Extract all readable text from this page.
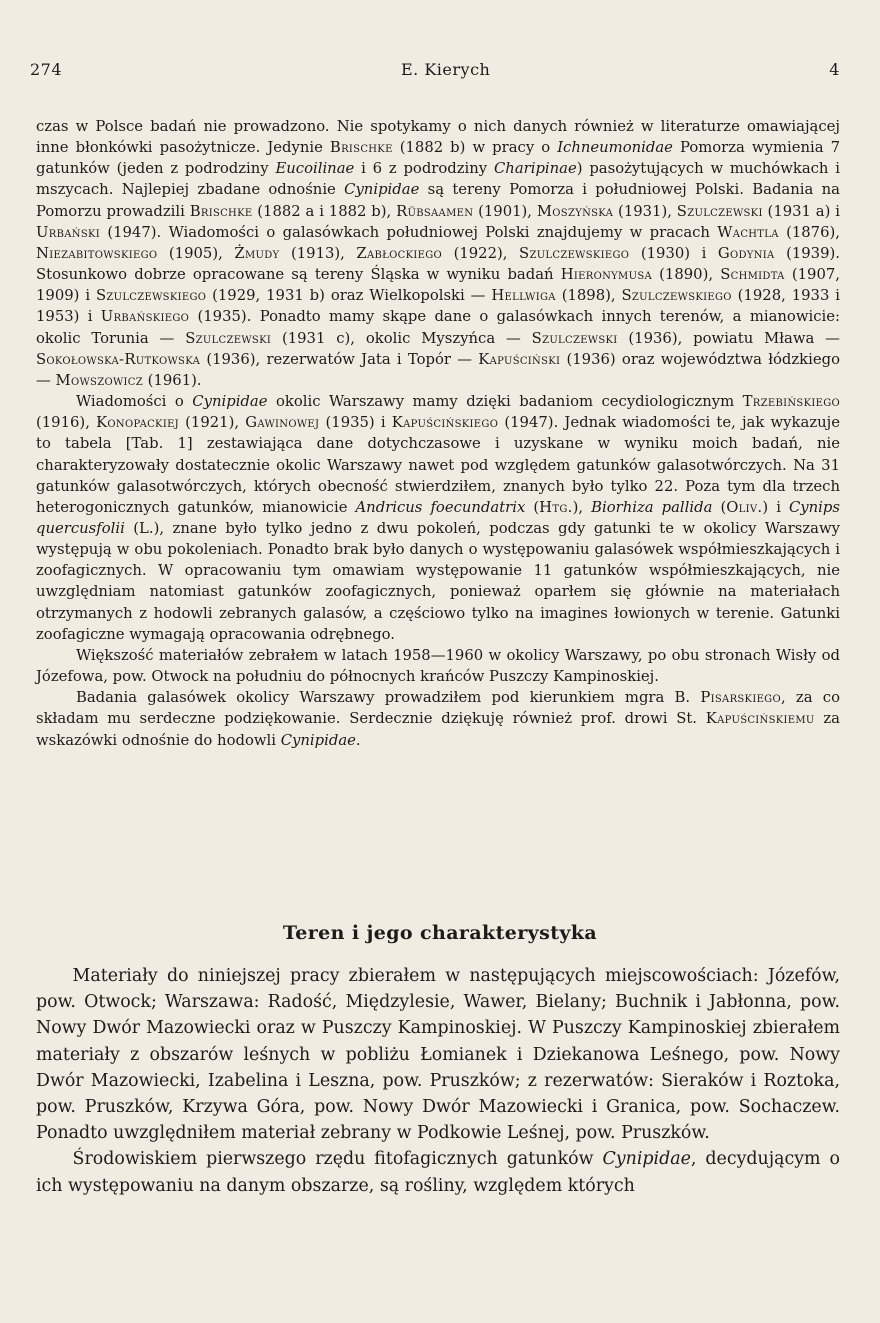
274	E. Kierych	4

czas w Polsce badań nie prowadzono. Nie spotykamy o nich danych również w literaturze omawiającej inne błonkówki pasożytnicze. Jedynie Brischke (1882 b) w pracy o Ichneumonidae Pomorza wymienia 7 gatunków (jeden z podrodziny Eucoilinae i 6 z podrodziny Charipinae) pasożytujących w muchówkach i mszycach. Najlepiej zbadane odnośnie Cynipidae są tereny Pomorza i południowej Polski. Badania na Pomorzu prowadzili Brischke (1882 a i 1882 b), Rübsaamen (1901), Moszyńska (1931), Szulczewski (1931 a) i Urbański (1947). Wiadomości o galasówkach południowej Polski znajdujemy w pracach Wachtla (1876), Niezabitowskiego (1905), Żmudy (1913), Zabłockiego (1922), Szulczewskiego (1930) i Godynia (1939). Stosunkowo dobrze opracowane są tereny Śląska w wyniku badań Hieronymusa (1890), Schmidta (1907, 1909) i Szulczewskiego (1929, 1931 b) oraz Wielkopolski — Hellwiga (1898), Szulczewskiego (1928, 1933 i 1953) i Urbańskiego (1935). Ponadto mamy skąpe dane o galasówkach innych terenów, a mianowicie: okolic Torunia — Szulczewski (1931 c), okolic Myszyńca — Szulczewski (1936), powiatu Mława — Sokołowska-Rutkowska (1936), rezerwatów Jata i Topór — Kapuściński (1936) oraz województwa łódzkiego — Mowszowicz (1961).

Wiadomości o Cynipidae okolic Warszawy mamy dzięki badaniom cecydiologicznym Trzebińskiego (1916), Konopackiej (1921), Gawinowej (1935) i Kapuścińskiego (1947). Jednak wiadomości te, jak wykazuje to tabela [Tab. 1] zestawiająca dane dotychczasowe i uzyskane w wyniku moich badań, nie charakteryzowały dostatecznie okolic Warszawy nawet pod względem gatunków galasotwórczych. Na 31 gatunków galasotwórczych, których obecność stwierdziłem, znanych było tylko 22. Poza tym dla trzech heterogonicznych gatunków, mianowicie Andricus foecundatrix (Htg.), Biorhiza pallida (Oliv.) i Cynips quercusfolii (L.), znane było tylko jedno z dwu pokoleń, podczas gdy gatunki te w okolicy Warszawy występują w obu pokoleniach. Ponadto brak było danych o występowaniu galasówek współmieszkających i zoofagicznych. W opracowaniu tym omawiam występowanie 11 gatunków współmieszkających, nie uwzględniam natomiast gatunków zoofagicznych, ponieważ oparłem się głównie na materiałach otrzymanych z hodowli zebranych galasów, a częściowo tylko na imagines łowionych w terenie. Gatunki zoofagiczne wymagają opracowania odrębnego.

Większość materiałów zebrałem w latach 1958—1960 w okolicy Warszawy, po obu stronach Wisły od Józefowa, pow. Otwock na południu do północnych krańców Puszczy Kampinoskiej.

Badania galasówek okolicy Warszawy prowadziłem pod kierunkiem mgra B. Pisarskiego, za co składam mu serdeczne podziękowanie. Serdecznie dziękuję również prof. drowi St. Kapuścińskiemu za wskazówki odnośnie do hodowli Cynipidae.

Teren i jego charakterystyka

Materiały do niniejszej pracy zbierałem w następujących miejscowościach: Józefów, pow. Otwock; Warszawa: Radość, Międzylesie, Wawer, Bielany; Buchnik i Jabłonna, pow. Nowy Dwór Mazowiecki oraz w Puszczy Kampinoskiej. W Puszczy Kampinoskiej zbierałem materiały z obszarów leśnych w pobliżu Łomianek i Dziekanowa Leśnego, pow. Nowy Dwór Mazowiecki, Izabelina i Leszna, pow. Pruszków; z rezerwatów: Sieraków i Roztoka, pow. Pruszków, Krzywa Góra, pow. Nowy Dwór Mazowiecki i Granica, pow. Sochaczew. Ponadto uwzględniłem materiał zebrany w Podkowie Leśnej, pow. Pruszków.

Środowiskiem pierwszego rzędu fitofagicznych gatunków Cynipidae, decydującym o ich występowaniu na danym obszarze, są rośliny, względem których
